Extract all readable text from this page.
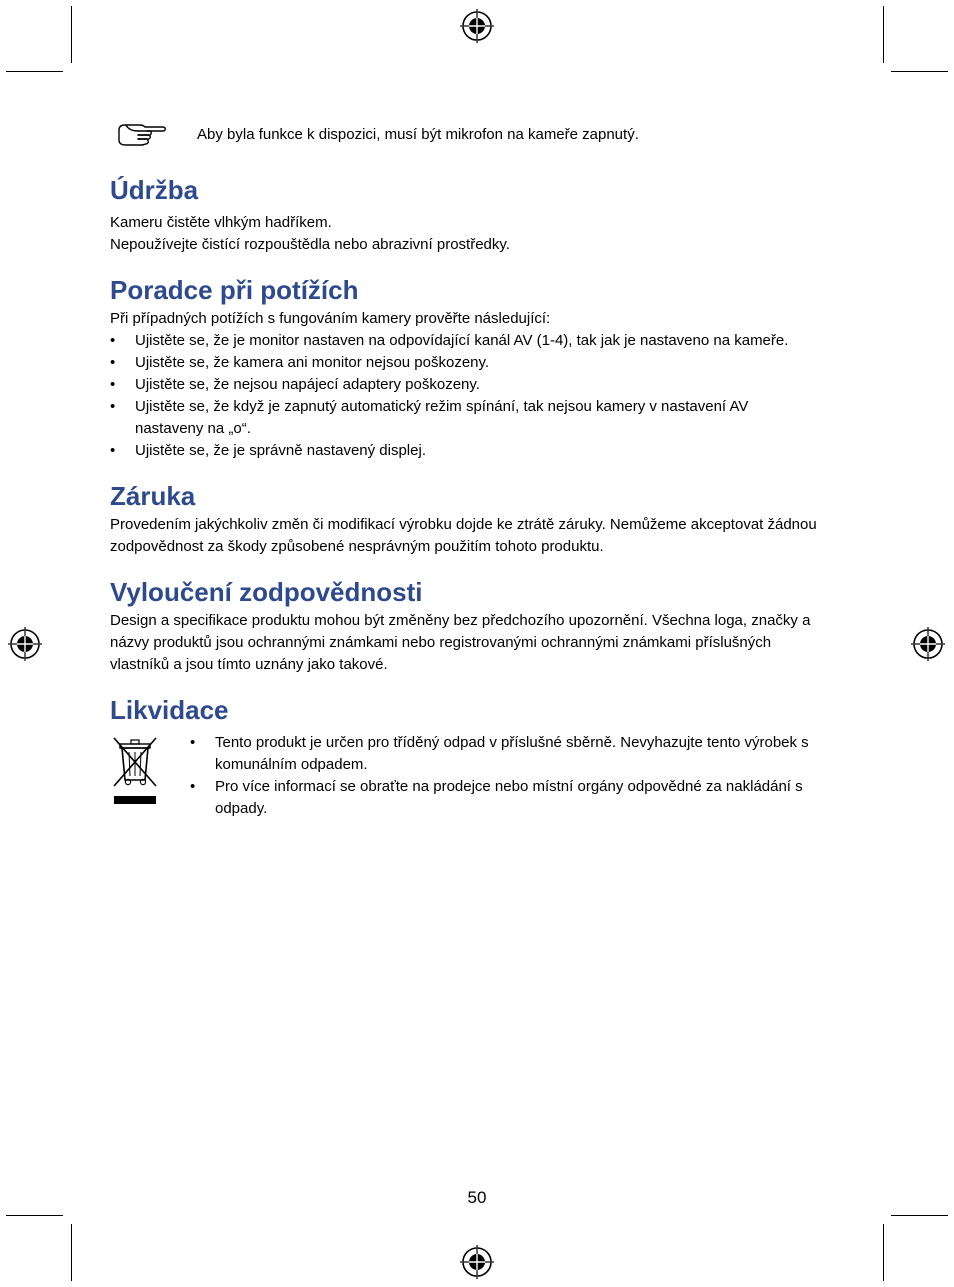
Aby byla funkce k dispozici, musí být mikrofon na kameře zapnutý.
Údržba

Kameru čistěte vlhkým hadříkem.

Nepoužívejte čistící rozpouštědla nebo abrazivní prostředky.

Poradce při potížích

Při případných potížích s fungováním kamery prověřte následující:

• Ujistěte se, že je monitor nastaven na odpovídající kanál AV (1-4), tak jak je nastaveno na kameře.
• Ujistěte se, že kamera ani monitor nejsou poškozeny.
• Ujistěte se, že nejsou napájecí adaptery poškozeny.
• Ujistěte se, že když je zapnutý automatický režim spínání, tak nejsou kamery v nastavení AV nastaveny na „o“.
• Ujistěte se, že je správně nastavený displej.
Záruka

Provedením jakýchkoliv změn či modifikací výrobku dojde ke ztrátě záruky. Nemůžeme akceptovat žádnou zodpovědnost za škody způsobené nesprávným použitím tohoto produktu.

Vyloučení zodpovědnosti

Design a specifikace produktu mohou být změněny bez předchozího upozornění. Všechna loga, značky a názvy produktů jsou ochrannými známkami nebo registrovanými ochrannými známkami příslušných vlastníků a jsou tímto uznány jako takové.

Likvidace
• Tento produkt je určen pro tříděný odpad v příslušné sběrně. Nevyhazujte tento výrobek s komunálním odpadem.
• Pro více informací se obraťte na prodejce nebo místní orgány odpovědné za nakládání s odpady.
50
